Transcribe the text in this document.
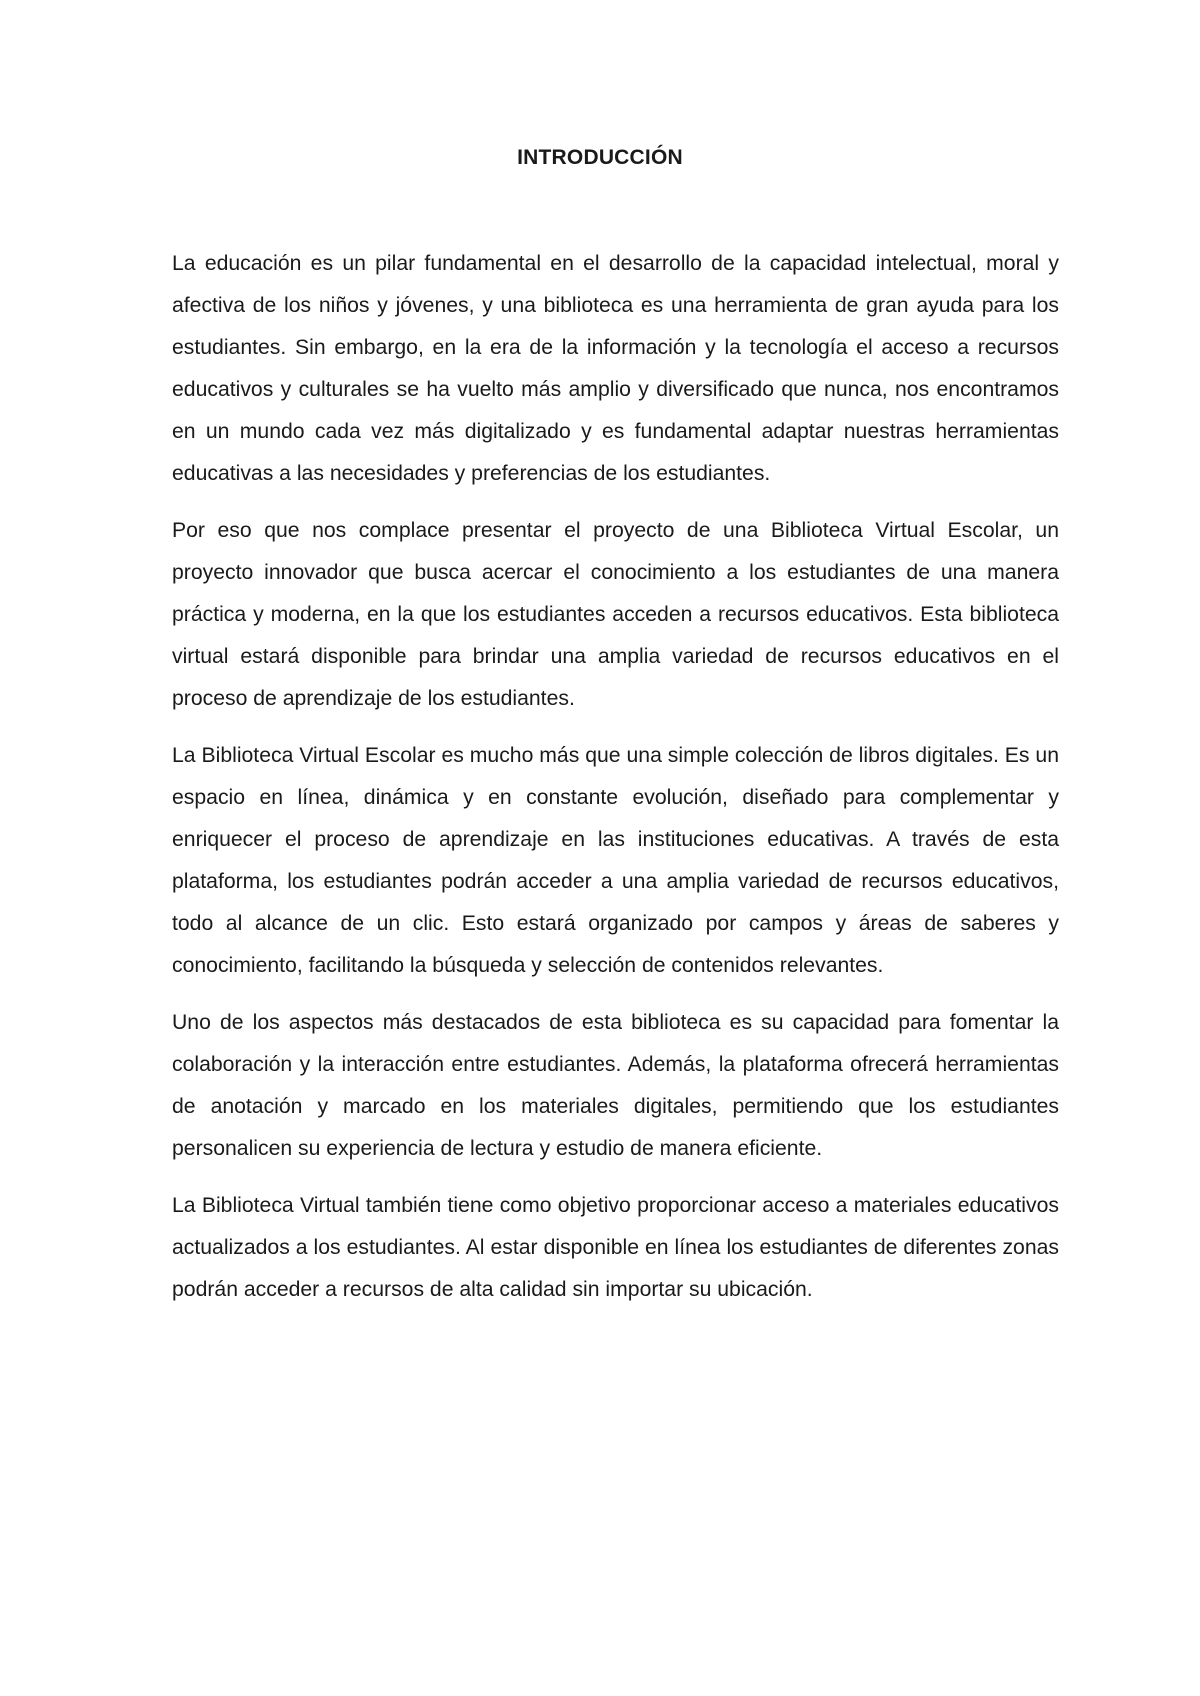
INTRODUCCIÓN

La educación es un pilar fundamental en el desarrollo de la capacidad intelectual, moral y afectiva de los niños y jóvenes, y una biblioteca es una herramienta de gran ayuda para los estudiantes. Sin embargo, en la era de la información y la tecnología el acceso a recursos educativos y culturales se ha vuelto más amplio y diversificado que nunca, nos encontramos en un mundo cada vez más digitalizado y es fundamental adaptar nuestras herramientas educativas a las necesidades y preferencias de los estudiantes.

Por eso que nos complace presentar el proyecto de una Biblioteca Virtual Escolar, un proyecto innovador que busca acercar el conocimiento a los estudiantes de una manera práctica y moderna, en la que los estudiantes acceden a recursos educativos. Esta biblioteca virtual estará disponible para brindar una amplia variedad de recursos educativos en el proceso de aprendizaje de los estudiantes.

La Biblioteca Virtual Escolar es mucho más que una simple colección de libros digitales. Es un espacio en línea, dinámica y en constante evolución, diseñado para complementar y enriquecer el proceso de aprendizaje en las instituciones educativas. A través de esta plataforma, los estudiantes podrán acceder a una amplia variedad de recursos educativos, todo al alcance de un clic. Esto estará organizado por campos y áreas de saberes y conocimiento, facilitando la búsqueda y selección de contenidos relevantes.

Uno de los aspectos más destacados de esta biblioteca es su capacidad para fomentar la colaboración y la interacción entre estudiantes. Además, la plataforma ofrecerá herramientas de anotación y marcado en los materiales digitales, permitiendo que los estudiantes personalicen su experiencia de lectura y estudio de manera eficiente.

La Biblioteca Virtual también tiene como objetivo proporcionar acceso a materiales educativos actualizados a los estudiantes. Al estar disponible en línea los estudiantes de diferentes zonas podrán acceder a recursos de alta calidad sin importar su ubicación.
